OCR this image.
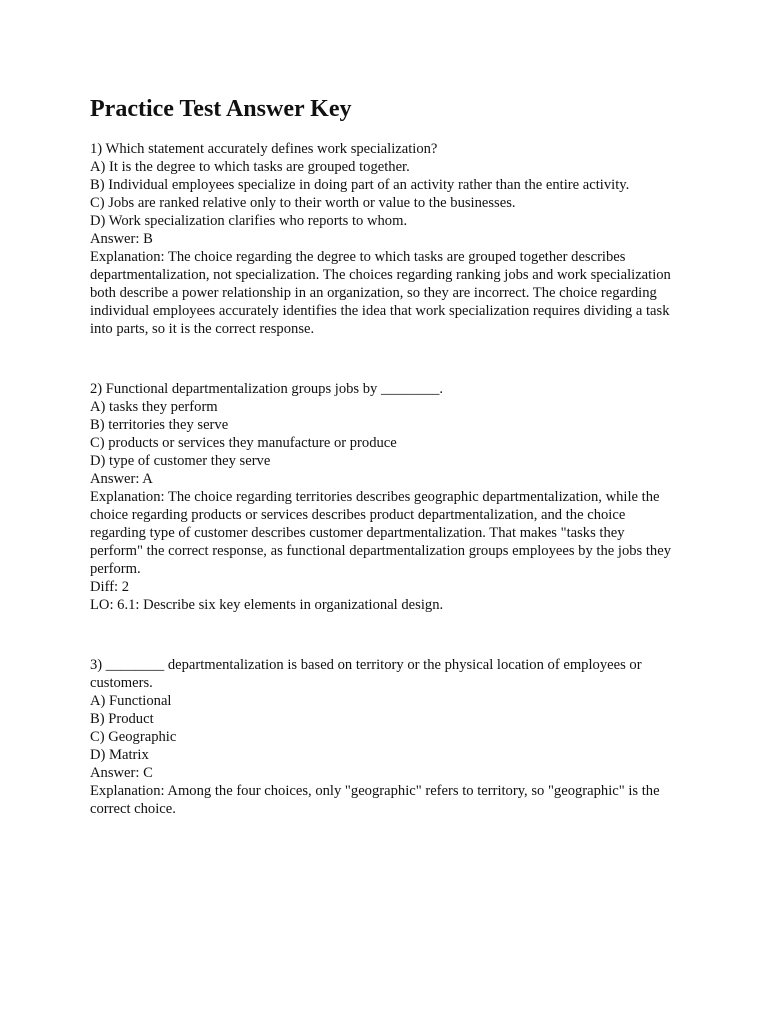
Practice Test Answer Key
1) Which statement accurately defines work specialization?
A) It is the degree to which tasks are grouped together.
B) Individual employees specialize in doing part of an activity rather than the entire activity.
C) Jobs are ranked relative only to their worth or value to the businesses.
D) Work specialization clarifies who reports to whom.
Answer: B
Explanation: The choice regarding the degree to which tasks are grouped together describes departmentalization, not specialization. The choices regarding ranking jobs and work specialization both describe a power relationship in an organization, so they are incorrect. The choice regarding individual employees accurately identifies the idea that work specialization requires dividing a task into parts, so it is the correct response.
2) Functional departmentalization groups jobs by ________.
A) tasks they perform
B) territories they serve
C) products or services they manufacture or produce
D) type of customer they serve
Answer: A
Explanation: The choice regarding territories describes geographic departmentalization, while the choice regarding products or services describes product departmentalization, and the choice regarding type of customer describes customer departmentalization. That makes "tasks they perform" the correct response, as functional departmentalization groups employees by the jobs they perform.
Diff: 2
LO: 6.1: Describe six key elements in organizational design.
3) ________ departmentalization is based on territory or the physical location of employees or customers.
A) Functional
B) Product
C) Geographic
D) Matrix
Answer: C
Explanation: Among the four choices, only "geographic" refers to territory, so "geographic" is the correct choice.
